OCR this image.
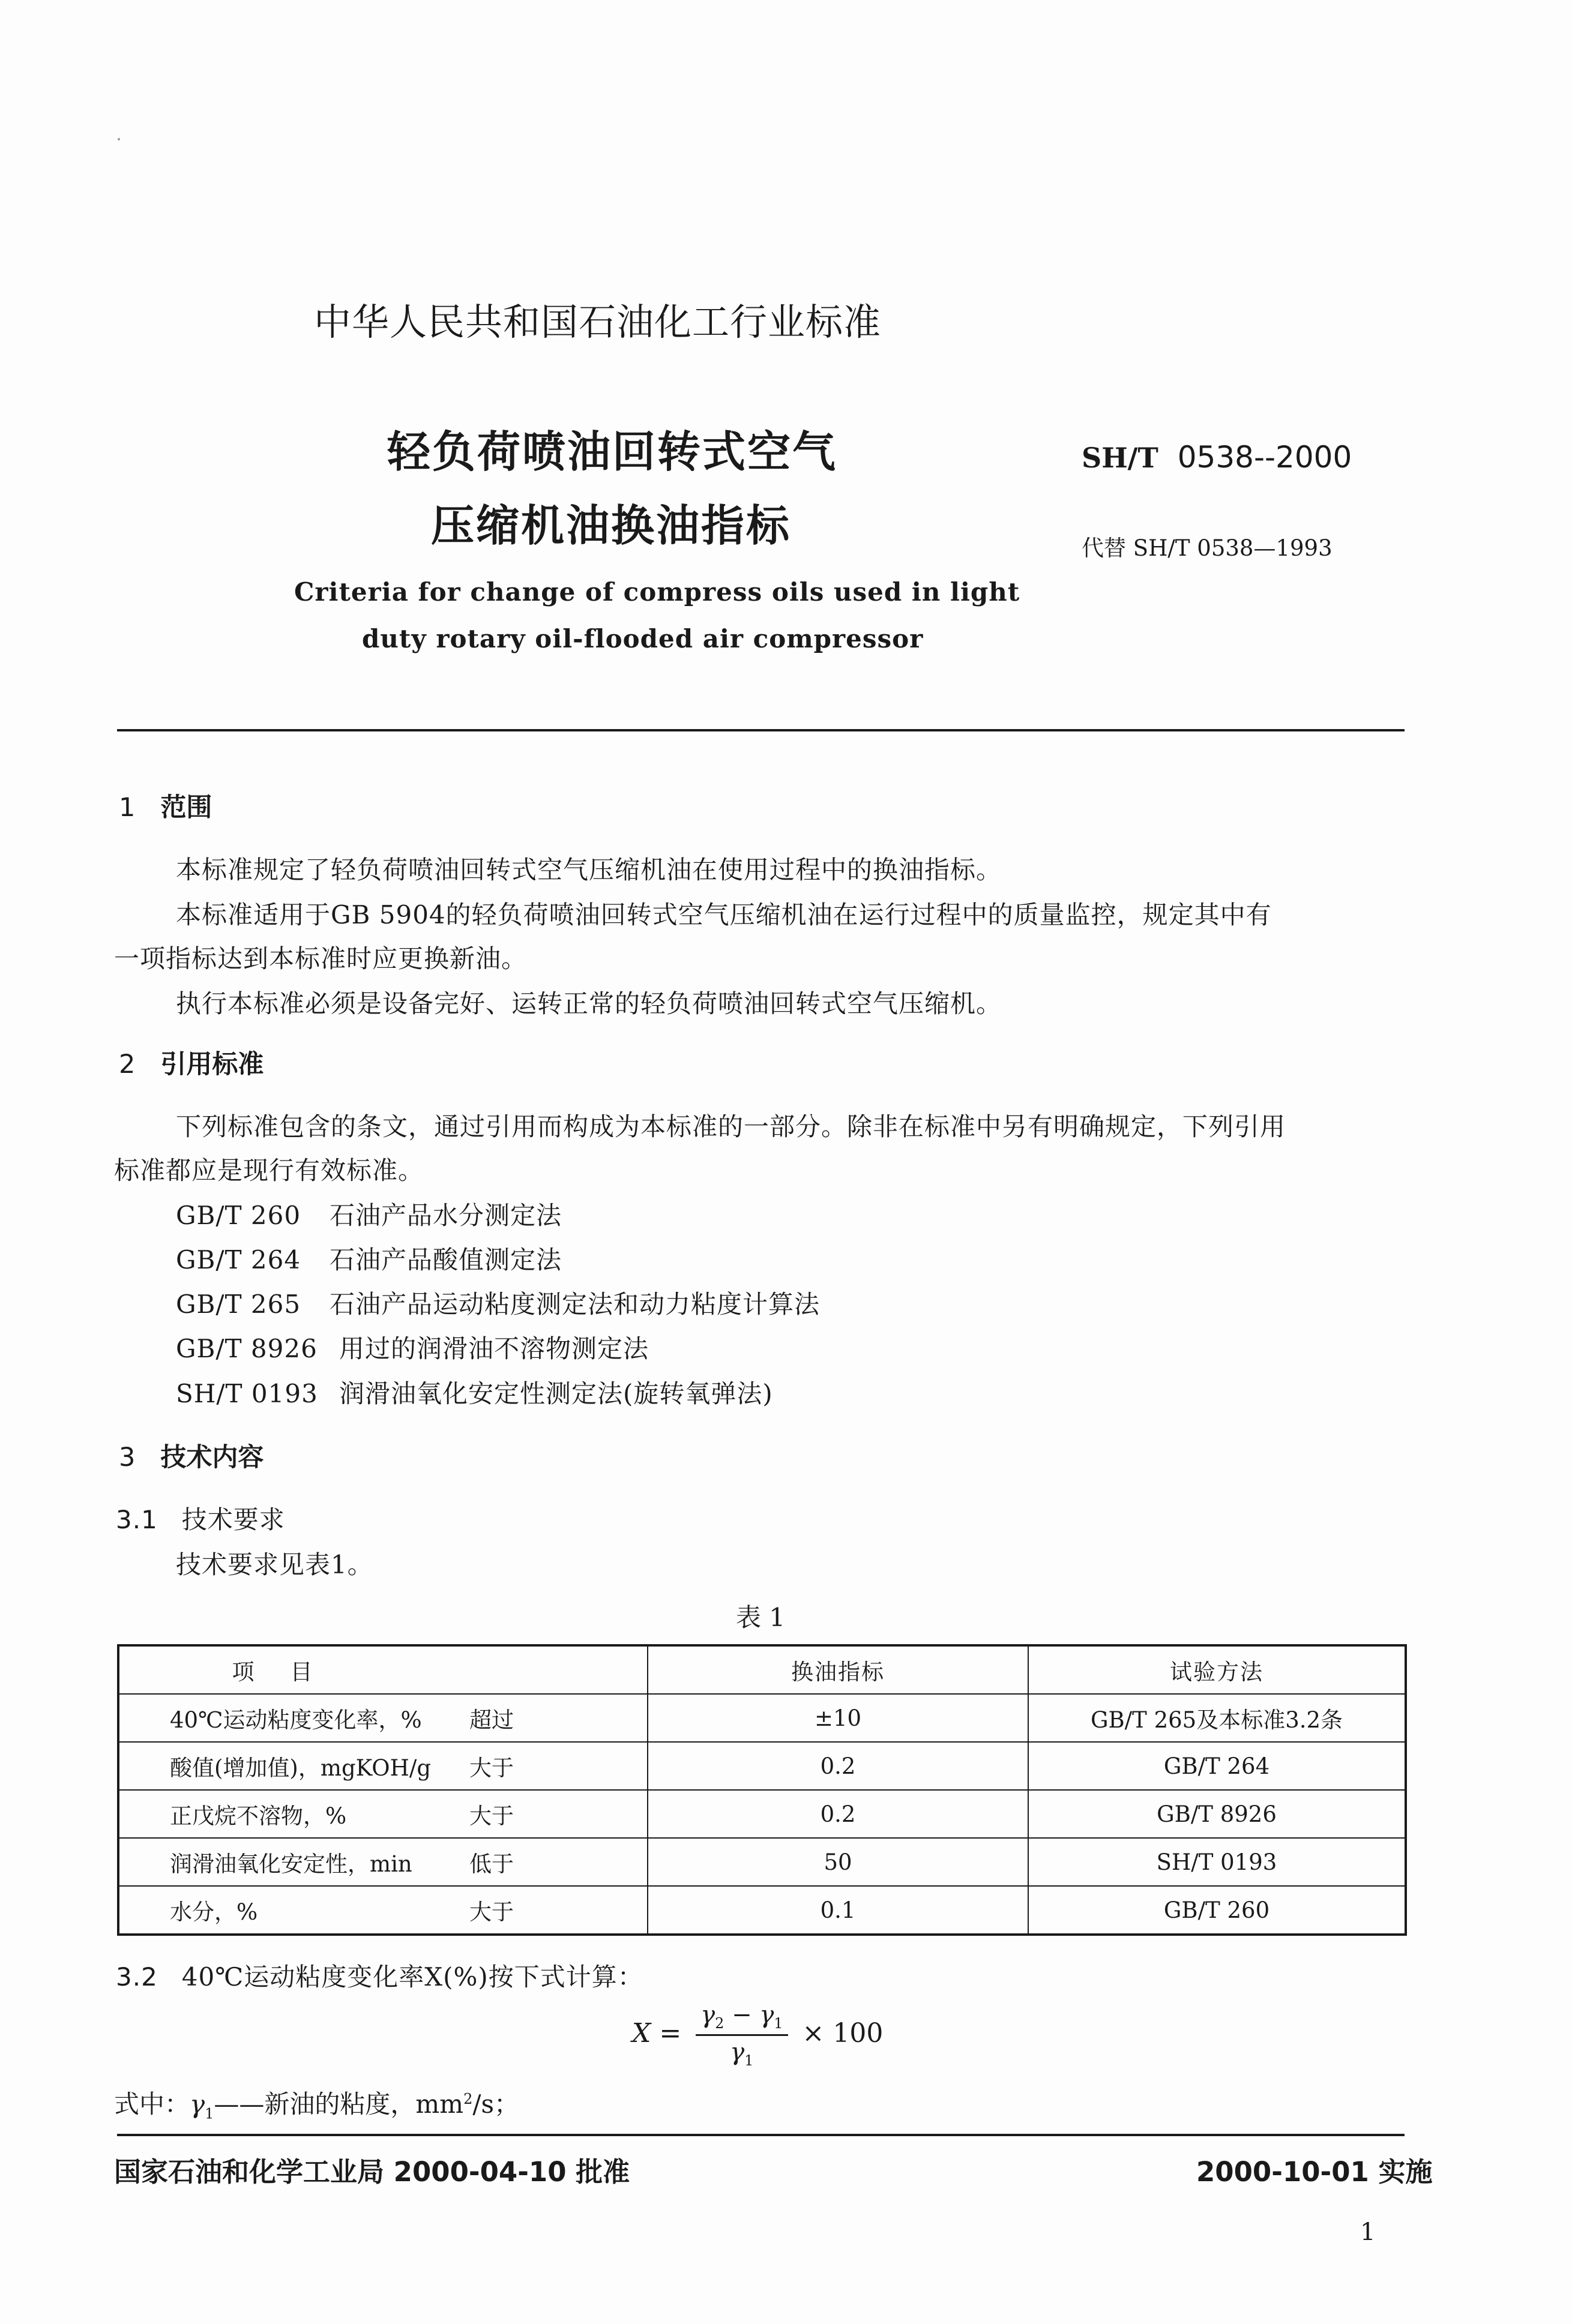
中华人民共和国石油化工行业标准
轻负荷喷油回转式空气
压缩机油换油指标
SH/T 0538--2000
代替 SH/T 0538—1993
Criteria for change of compress oils used in light
duty rotary oil-flooded air compressor
1 范围
本标准规定了轻负荷喷油回转式空气压缩机油在使用过程中的换油指标。
本标准适用于GB 5904的轻负荷喷油回转式空气压缩机油在运行过程中的质量监控，规定其中有
一项指标达到本标准时应更换新油。
执行本标准必须是设备完好、运转正常的轻负荷喷油回转式空气压缩机。
2 引用标准
下列标准包含的条文，通过引用而构成为本标准的一部分。除非在标准中另有明确规定，下列引用
标准都应是现行有效标准。
GB/T 260 石油产品水分测定法
GB/T 264 石油产品酸值测定法
GB/T 265 石油产品运动粘度测定法和动力粘度计算法
GB/T 8926 用过的润滑油不溶物测定法
SH/T 0193 润滑油氧化安定性测定法(旋转氧弹法)
3 技术内容
3.1 技术要求
技术要求见表1。
表 1
项目		换油指标	试验方法
40℃运动粘度变化率，%	超过	±10	GB/T 265及本标准3.2条
酸值(增加值)，mgKOH/g	大于	0.2	GB/T 264
正戊烷不溶物，%	大于	0.2	GB/T 8926
润滑油氧化安定性，min	低于	50	SH/T 0193
水分，%	大于	0.1	GB/T 260
3.2 40℃运动粘度变化率X(%)按下式计算：
$X = \frac{\gamma_2 - \gamma_1}{\gamma_1} \times 100$
式中：$\gamma_1——$新油的粘度，$mm^2/s$；
国家石油和化学工业局 2000-04-10 批准	2000-10-01 实施
1
